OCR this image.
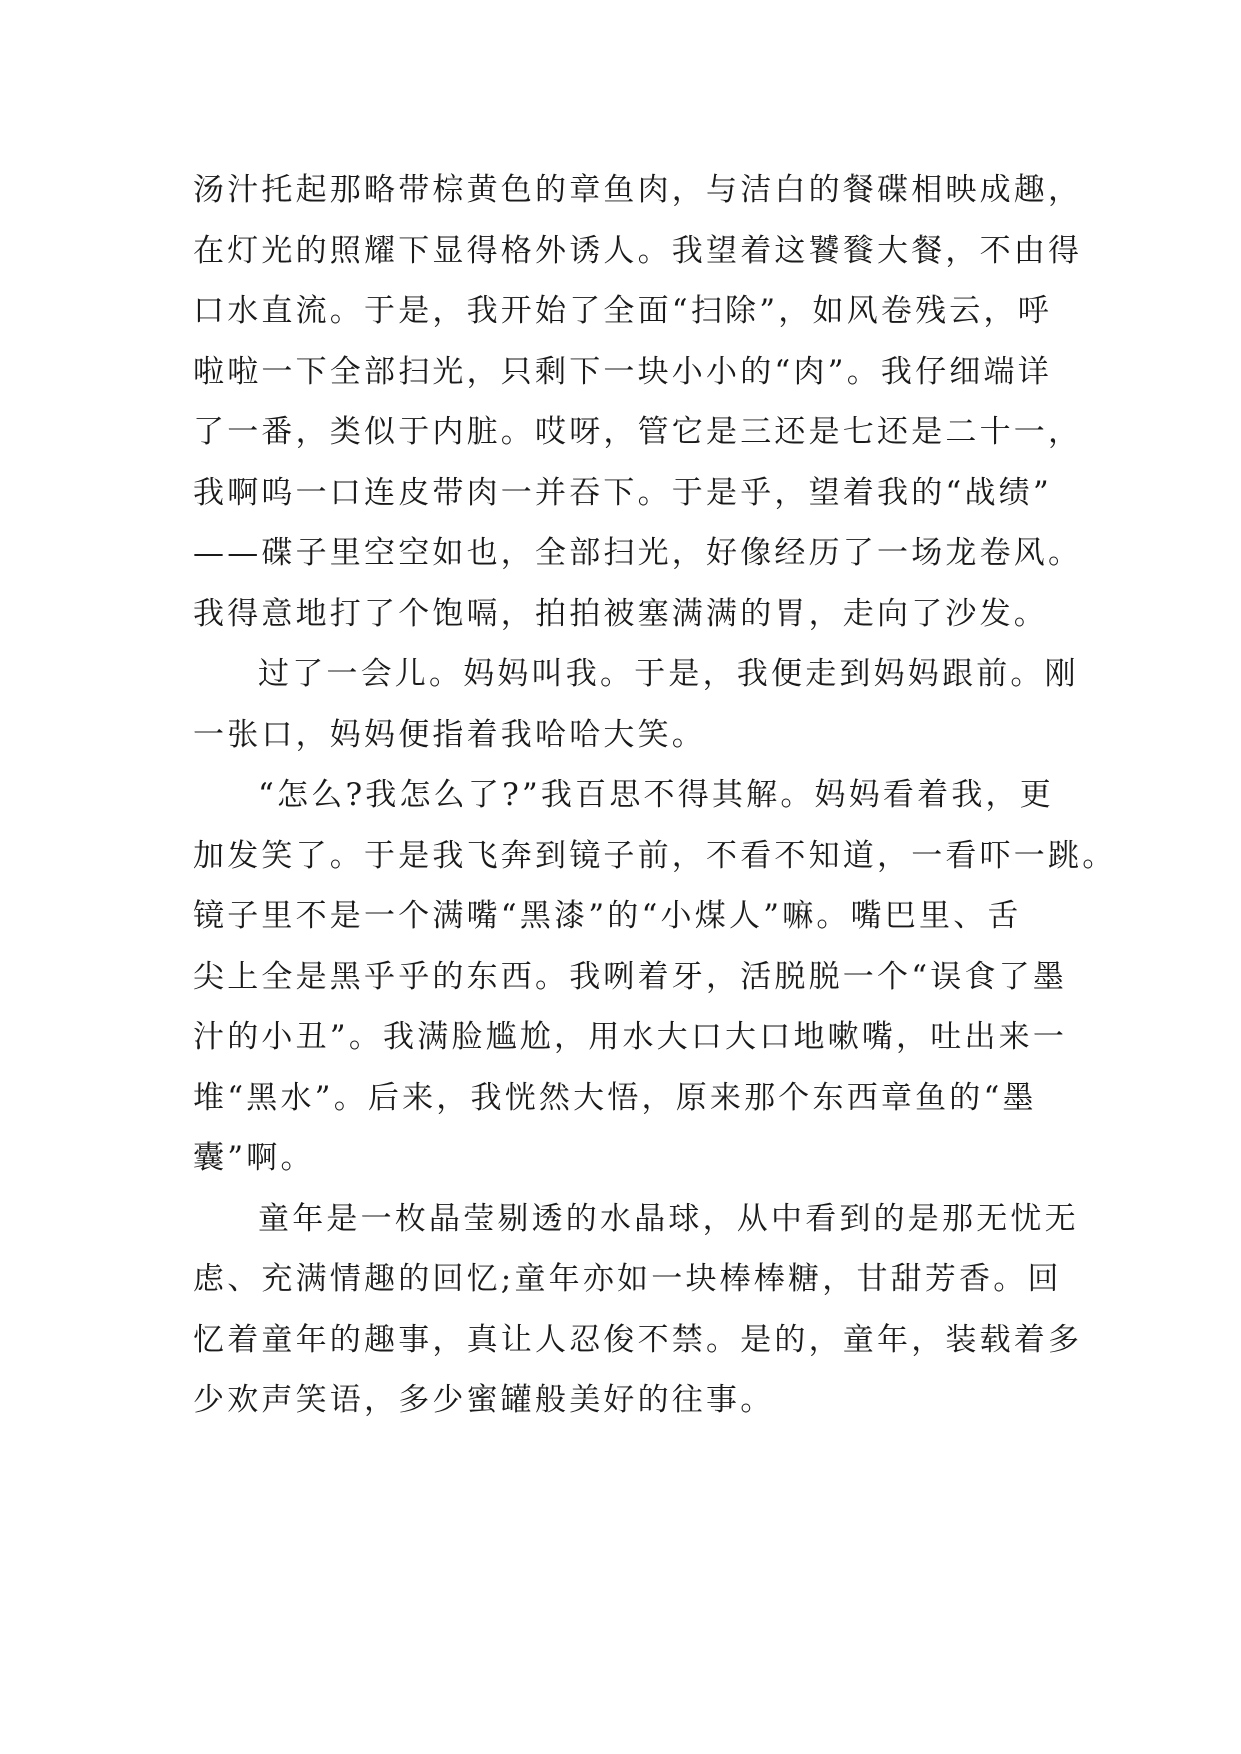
汤汁托起那略带棕黄色的章鱼肉，与洁白的餐碟相映成趣，
在灯光的照耀下显得格外诱人。我望着这饕餮大餐，不由得
口水直流。于是，我开始了全面“扫除”，如风卷残云，呼
啦啦一下全部扫光，只剩下一块小小的“肉”。我仔细端详
了一番，类似于内脏。哎呀，管它是三还是七还是二十一，
我啊呜一口连皮带肉一并吞下。于是乎，望着我的“战绩”
——碟子里空空如也，全部扫光，好像经历了一场龙卷风。
我得意地打了个饱嗝，拍拍被塞满满的胃，走向了沙发。
过了一会儿。妈妈叫我。于是，我便走到妈妈跟前。刚
一张口，妈妈便指着我哈哈大笑。
“怎么?我怎么了?”我百思不得其解。妈妈看着我，更
加发笑了。于是我飞奔到镜子前，不看不知道，一看吓一跳。
镜子里不是一个满嘴“黑漆”的“小煤人”嘛。嘴巴里、舌
尖上全是黑乎乎的东西。我咧着牙，活脱脱一个“误食了墨
汁的小丑”。我满脸尴尬，用水大口大口地嗽嘴，吐出来一
堆“黑水”。后来，我恍然大悟，原来那个东西章鱼的“墨
囊”啊。
童年是一枚晶莹剔透的水晶球，从中看到的是那无忧无
虑、充满情趣的回忆;童年亦如一块棒棒糖，甘甜芳香。回
忆着童年的趣事，真让人忍俊不禁。是的，童年，装载着多
少欢声笑语，多少蜜罐般美好的往事。
